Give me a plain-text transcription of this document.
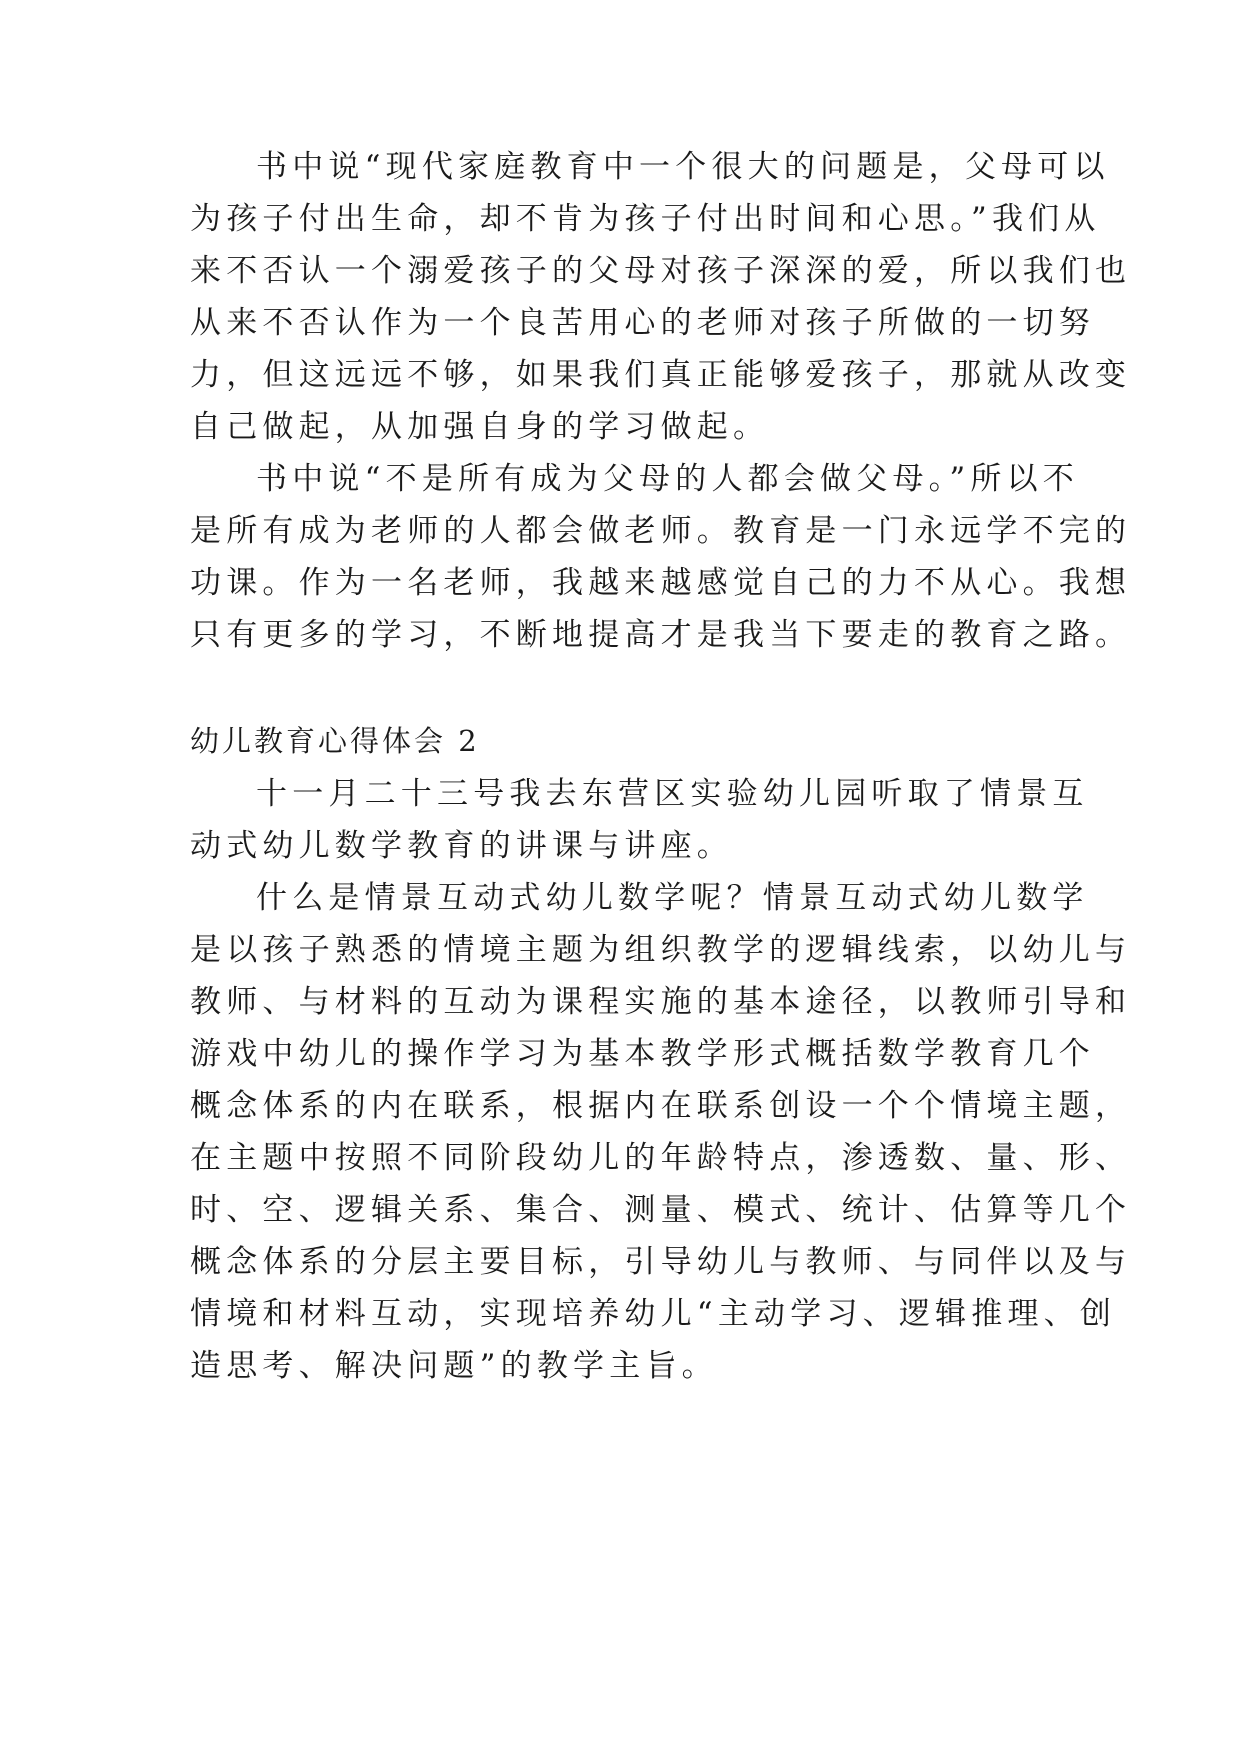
书中说“现代家庭教育中一个很大的问题是，父母可以
为孩子付出生命，却不肯为孩子付出时间和心思。”我们从
来不否认一个溺爱孩子的父母对孩子深深的爱，所以我们也
从来不否认作为一个良苦用心的老师对孩子所做的一切努
力，但这远远不够，如果我们真正能够爱孩子，那就从改变
自己做起，从加强自身的学习做起。
书中说“不是所有成为父母的人都会做父母。”所以不
是所有成为老师的人都会做老师。教育是一门永远学不完的
功课。作为一名老师，我越来越感觉自己的力不从心。我想
只有更多的学习，不断地提高才是我当下要走的教育之路。
幼儿教育心得体会 2
十一月二十三号我去东营区实验幼儿园听取了情景互
动式幼儿数学教育的讲课与讲座。
什么是情景互动式幼儿数学呢？情景互动式幼儿数学
是以孩子熟悉的情境主题为组织教学的逻辑线索，以幼儿与
教师、与材料的互动为课程实施的基本途径，以教师引导和
游戏中幼儿的操作学习为基本教学形式概括数学教育几个
概念体系的内在联系，根据内在联系创设一个个情境主题，
在主题中按照不同阶段幼儿的年龄特点，渗透数、量、形、
时、空、逻辑关系、集合、测量、模式、统计、估算等几个
概念体系的分层主要目标，引导幼儿与教师、与同伴以及与
情境和材料互动，实现培养幼儿“主动学习、逻辑推理、创
造思考、解决问题”的教学主旨。
